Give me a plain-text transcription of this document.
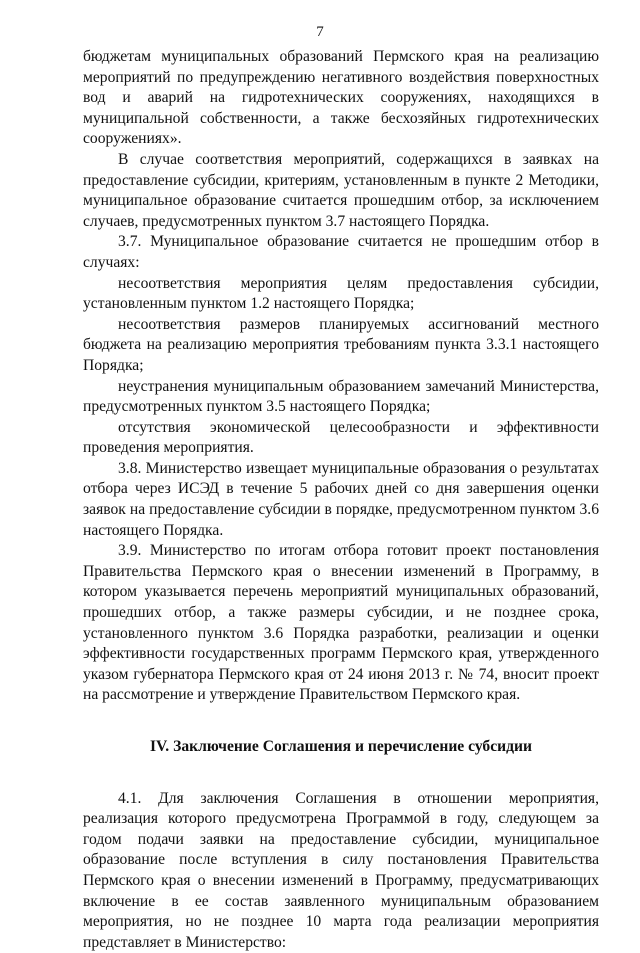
7

бюджетам муниципальных образований Пермского края на реализацию мероприятий по предупреждению негативного воздействия поверхностных вод и аварий на гидротехнических сооружениях, находящихся в муниципальной собственности, а также бесхозяйных гидротехнических сооружениях».

В случае соответствия мероприятий, содержащихся в заявках на предоставление субсидии, критериям, установленным в пункте 2 Методики, муниципальное образование считается прошедшим отбор, за исключением случаев, предусмотренных пунктом 3.7 настоящего Порядка.

3.7. Муниципальное образование считается не прошедшим отбор в случаях:

несоответствия мероприятия целям предоставления субсидии, установленным пунктом 1.2 настоящего Порядка;

несоответствия размеров планируемых ассигнований местного бюджета на реализацию мероприятия требованиям пункта 3.3.1 настоящего Порядка;

неустранения муниципальным образованием замечаний Министерства, предусмотренных пунктом 3.5 настоящего Порядка;

отсутствия экономической целесообразности и эффективности проведения мероприятия.

3.8. Министерство извещает муниципальные образования о результатах отбора через ИСЭД в течение 5 рабочих дней со дня завершения оценки заявок на предоставление субсидии в порядке, предусмотренном пунктом 3.6 настоящего Порядка.

3.9. Министерство по итогам отбора готовит проект постановления Правительства Пермского края о внесении изменений в Программу, в котором указывается перечень мероприятий муниципальных образований, прошедших отбор, а также размеры субсидии, и не позднее срока, установленного пунктом 3.6 Порядка разработки, реализации и оценки эффективности государственных программ Пермского края, утвержденного указом губернатора Пермского края от 24 июня 2013 г. № 74, вносит проект на рассмотрение и утверждение Правительством Пермского края.

IV. Заключение Соглашения и перечисление субсидии

4.1. Для заключения Соглашения в отношении мероприятия, реализация которого предусмотрена Программой в году, следующем за годом подачи заявки на предоставление субсидии, муниципальное образование после вступления в силу постановления Правительства Пермского края о внесении изменений в Программу, предусматривающих включение в ее состав заявленного муниципальным образованием мероприятия, но не позднее 10 марта года реализации мероприятия представляет в Министерство:
